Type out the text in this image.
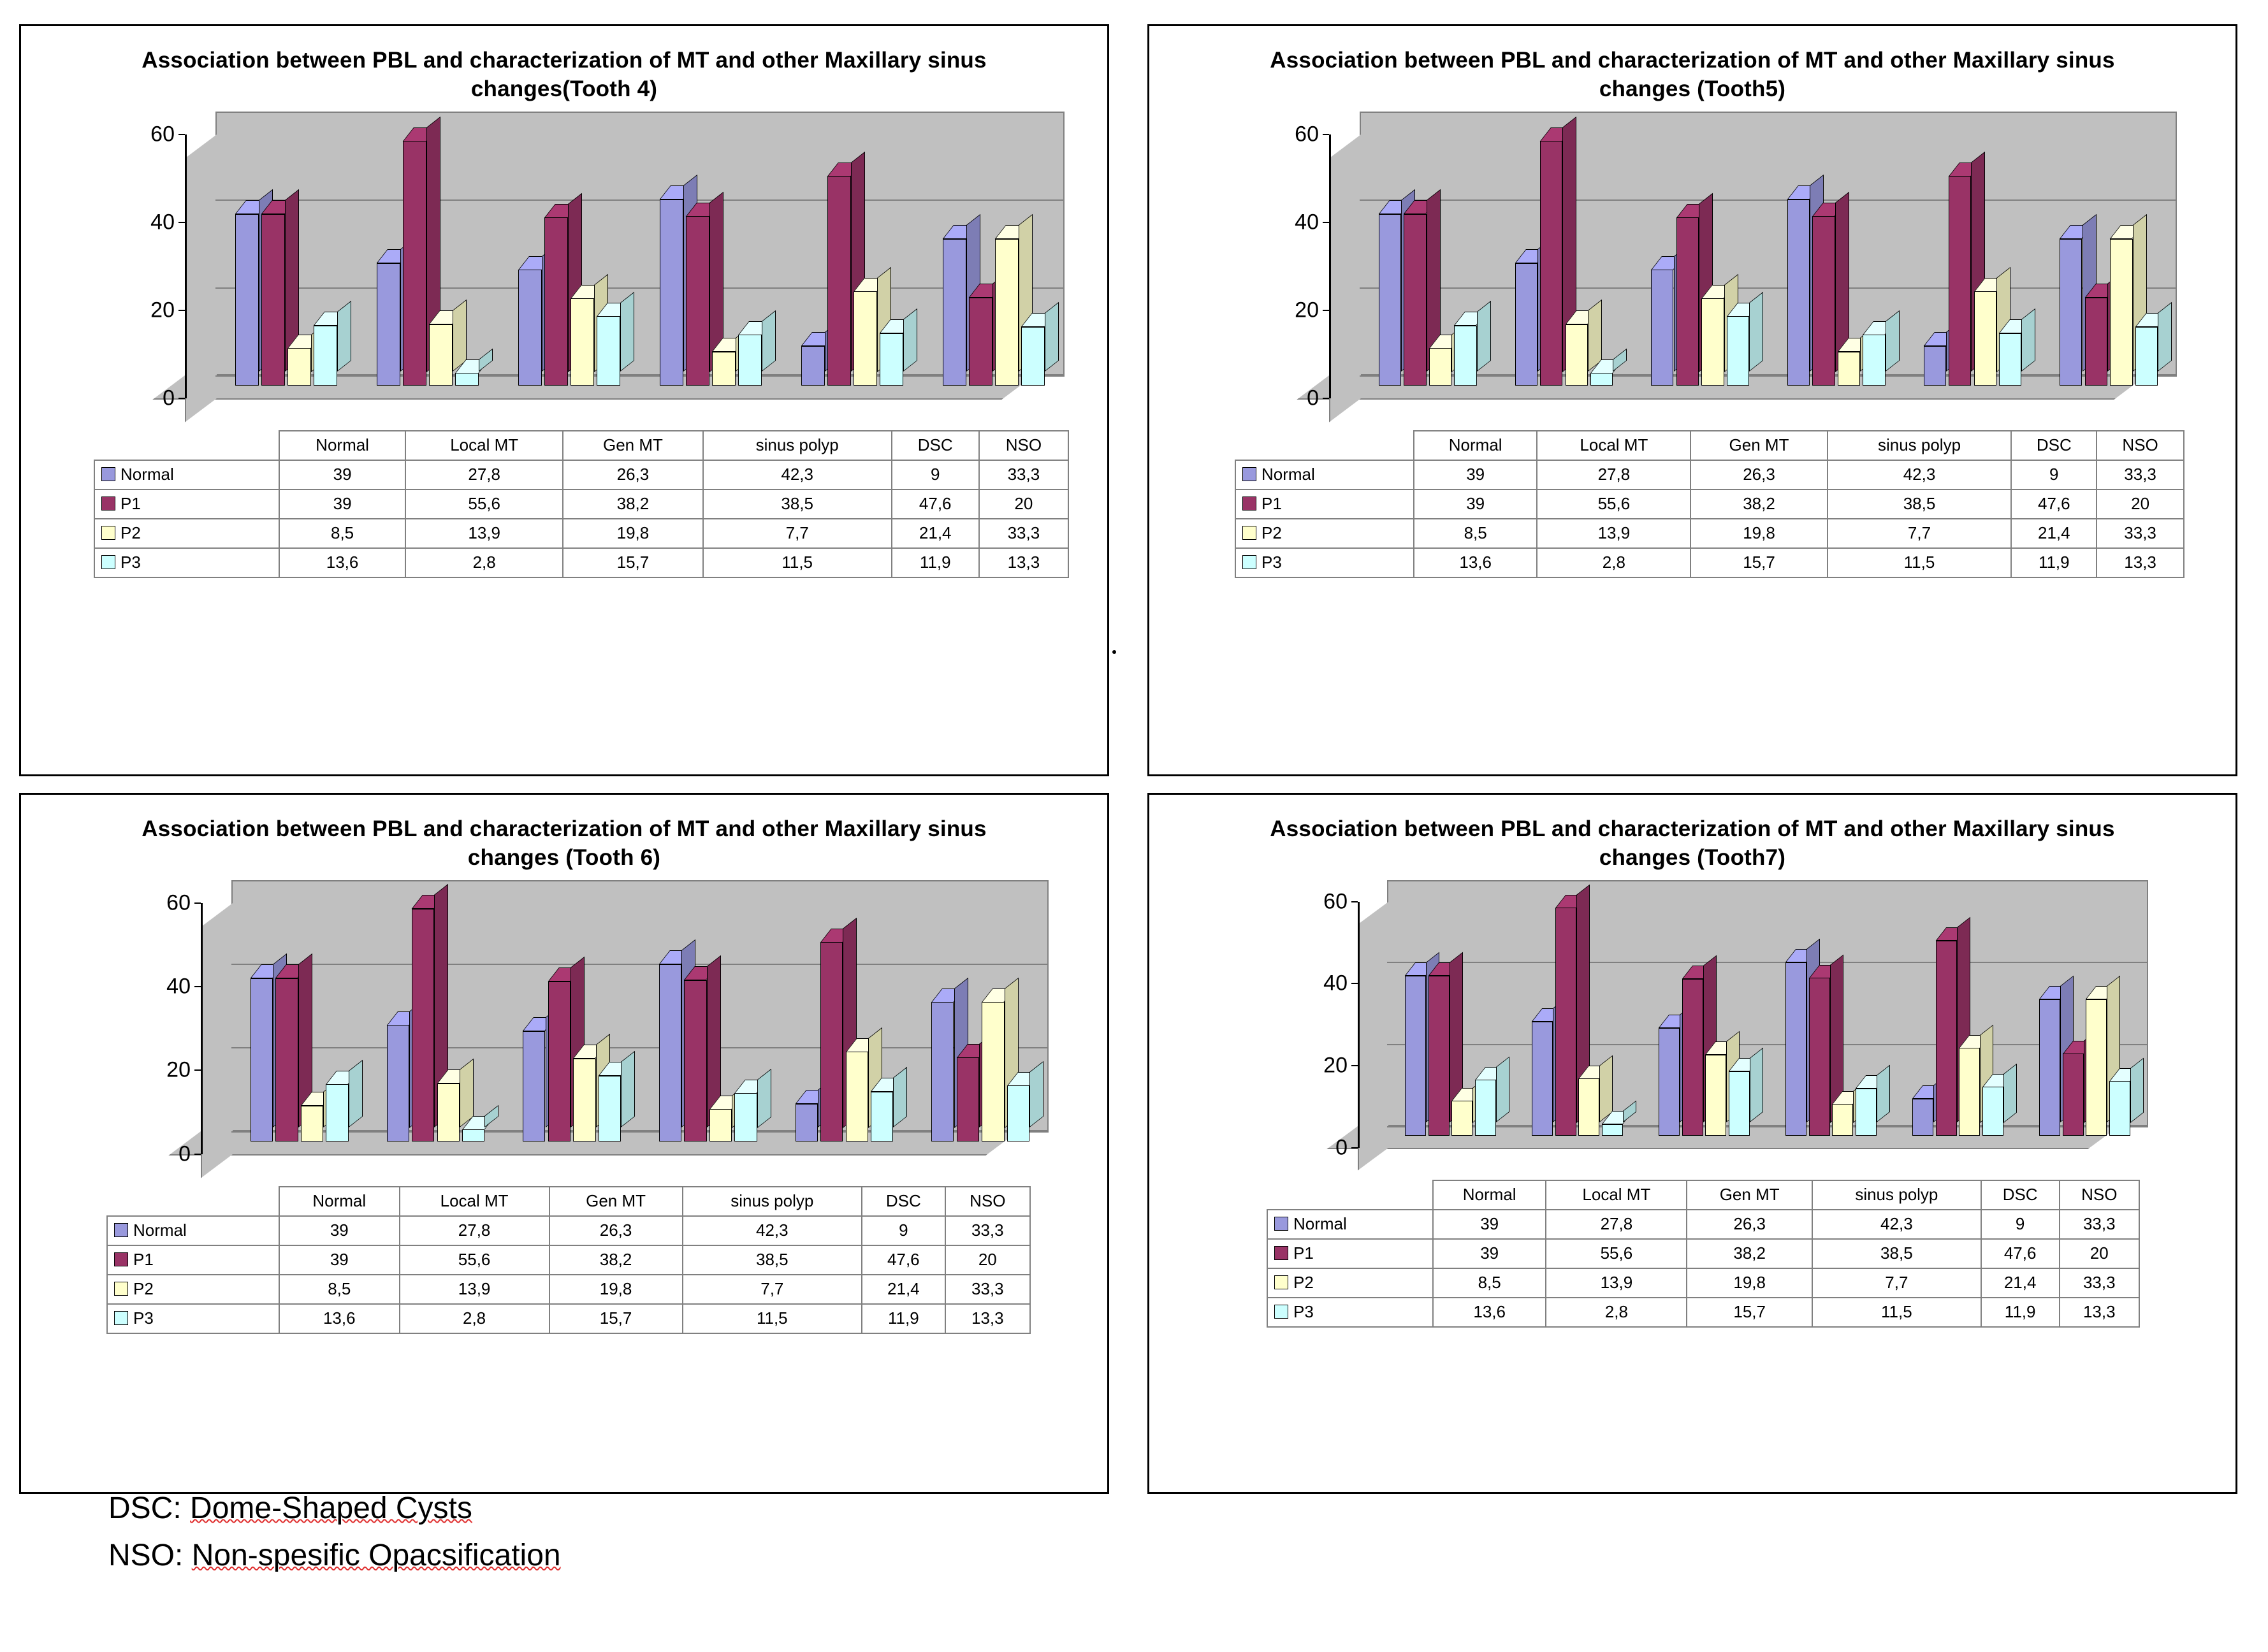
Association between PBL and characterization of MT and other Maxillary sinus changes(Tooth 4)
0
20
40
60
	Normal	Local MT	Gen MT	sinus polyp	DSC	NSO
Normal	39	27,8	26,3	42,3	9	33,3
P1	39	55,6	38,2	38,5	47,6	20
P2	8,5	13,9	19,8	7,7	21,4	33,3
P3	13,6	2,8	15,7	11,5	11,9	13,3
Association between PBL and characterization of MT and other Maxillary sinus changes (Tooth5)
0
20
40
60
	Normal	Local MT	Gen MT	sinus polyp	DSC	NSO
Normal	39	27,8	26,3	42,3	9	33,3
P1	39	55,6	38,2	38,5	47,6	20
P2	8,5	13,9	19,8	7,7	21,4	33,3
P3	13,6	2,8	15,7	11,5	11,9	13,3
Association between PBL and characterization of MT and other Maxillary sinus changes (Tooth 6)
0
20
40
60
	Normal	Local MT	Gen MT	sinus polyp	DSC	NSO
Normal	39	27,8	26,3	42,3	9	33,3
P1	39	55,6	38,2	38,5	47,6	20
P2	8,5	13,9	19,8	7,7	21,4	33,3
P3	13,6	2,8	15,7	11,5	11,9	13,3
Association between PBL and characterization of MT and other Maxillary sinus changes (Tooth7)
0
20
40
60
	Normal	Local MT	Gen MT	sinus polyp	DSC	NSO
Normal	39	27,8	26,3	42,3	9	33,3
P1	39	55,6	38,2	38,5	47,6	20
P2	8,5	13,9	19,8	7,7	21,4	33,3
P3	13,6	2,8	15,7	11,5	11,9	13,3
DSC: Dome-Shaped Cysts
NSO: Non-spesific Opacsification
